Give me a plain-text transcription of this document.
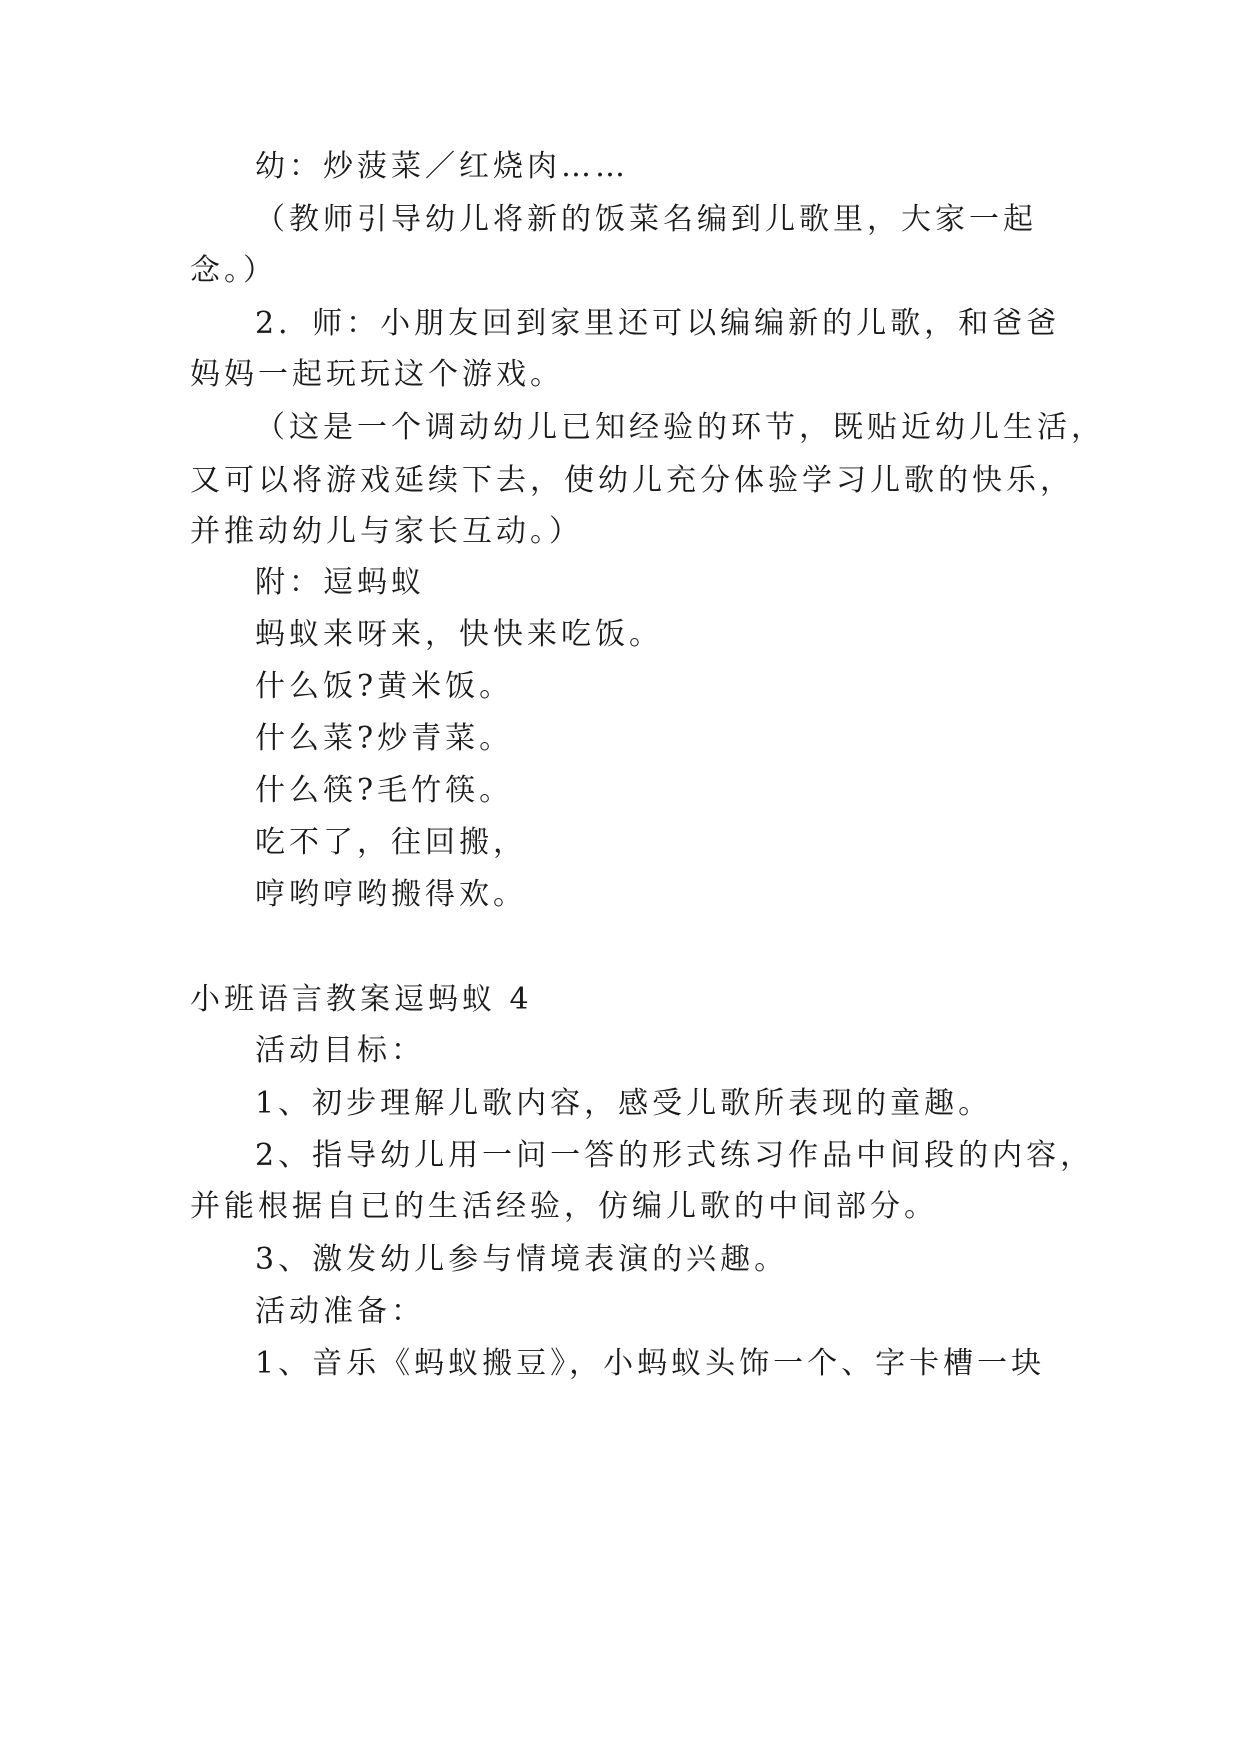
幼：炒菠菜／红烧肉……
（教师引导幼儿将新的饭菜名编到儿歌里，大家一起
念。）
2．师：小朋友回到家里还可以编编新的儿歌，和爸爸
妈妈一起玩玩这个游戏。
（这是一个调动幼儿已知经验的环节，既贴近幼儿生活，
又可以将游戏延续下去，使幼儿充分体验学习儿歌的快乐，
并推动幼儿与家长互动。）
附：逗蚂蚁
蚂蚁来呀来，快快来吃饭。
什么饭?黄米饭。
什么菜?炒青菜。
什么筷?毛竹筷。
吃不了，往回搬，
哼哟哼哟搬得欢。
小班语言教案逗蚂蚁 4
活动目标：
1、初步理解儿歌内容，感受儿歌所表现的童趣。
2、指导幼儿用一问一答的形式练习作品中间段的内容，
并能根据自已的生活经验，仿编儿歌的中间部分。
3、激发幼儿参与情境表演的兴趣。
活动准备：
1、音乐《蚂蚁搬豆》，小蚂蚁头饰一个、字卡槽一块
